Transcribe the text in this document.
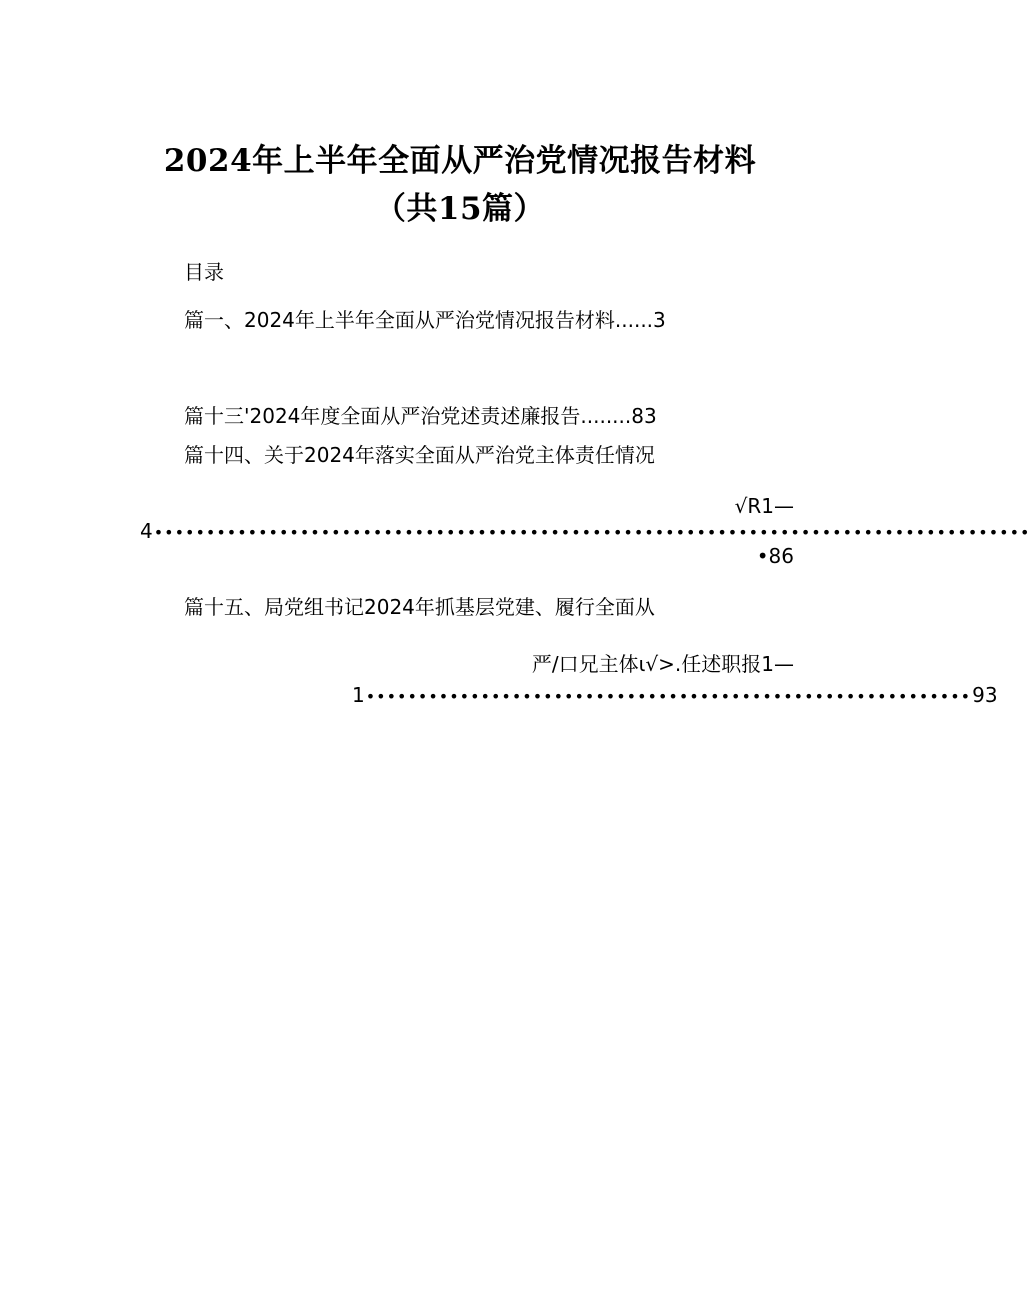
2024年上半年全面从严治党情况报告材料
（共15篇）
目录
篇一、2024年上半年全面从严治党情况报告材料......3
篇十三'2024年度全面从严治党述责述廉报告........83
篇十四、关于2024年落实全面从严治党主体责任情况
√R1—
4 ••••••••••••••••••••••••••••••••••••••••••••••••••••••••••••••••••••••••••••••••••••
•86
篇十五、局党组书记2024年抓基层党建、履行全面从
严/口兄主体ι√>.任述职报1—
1 •••••••••••••••••••••••••••••••••••••••••••••••••••••••••• 93
